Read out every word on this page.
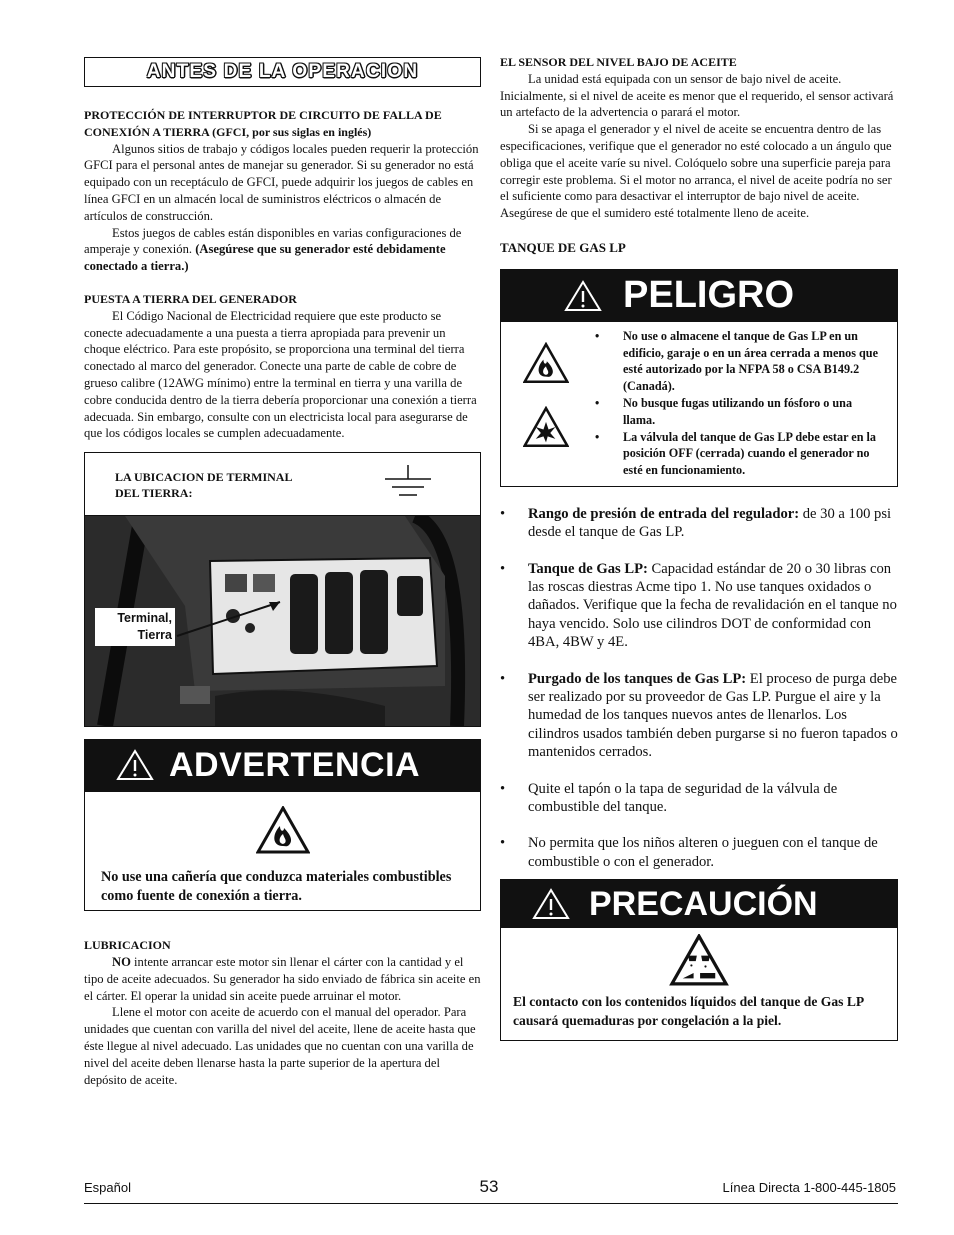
ANTES DE LA OPERACION

PROTECCIÓN DE INTERRUPTOR DE CIRCUITO DE FALLA DE CONEXIÓN A TIERRA (GFCI, por sus siglas en inglés)

Algunos sitios de trabajo y códigos locales pueden requerir la protección GFCI para el personal antes de manejar su generador. Si su generador no está equipado con un receptáculo de GFCI, puede adquirir los juegos de cables en línea GFCI en un almacén local de suministros eléctricos o almacén de artículos de construcción.

Estos juegos de cables están disponibles en varias configuraciones de amperaje y conexión. (Asegúrese que su generador esté debidamente conectado a tierra.)

PUESTA A TIERRA DEL GENERADOR

El Código Nacional de Electricidad requiere que este producto se conecte adecuadamente a una puesta a tierra apropiada para prevenir un choque eléctrico. Para este propósito, se proporciona una terminal del tierra conectado al marco del generador. Conecte una parte de cable de cobre de grueso calibre (12AWG mínimo) entre la terminal en tierra y una varilla de cobre conducida dentro de la tierra debería proporcionar una conexión a tierra adecuada. Sin embargo, consulte con un electricista local para asegurarse de que los códigos locales se cumplen adecuadamente.

LA UBICACION DE TERMINAL
DEL TIERRA:
Terminal,
Tierra
ADVERTENCIA

No use una cañería que conduzca materiales combustibles como fuente de conexión a tierra.

LUBRICACION

NO intente arrancar este motor sin llenar el cárter con la cantidad y el tipo de aceite adecuados. Su generador ha sido enviado de fábrica sin aceite en el cárter. El operar la unidad sin aceite puede arruinar el motor.

Llene el motor con aceite de acuerdo con el manual del operador. Para unidades que cuentan con varilla del nivel del aceite, llene de aceite hasta que éste llegue al nivel adecuado. Las unidades que no cuentan con una varilla de nivel del aceite deben llenarse hasta la parte superior de la apertura del depósito de aceite.

EL SENSOR DEL NIVEL BAJO DE ACEITE

La unidad está equipada con un sensor de bajo nivel de aceite. Inicialmente, si el nivel de aceite es menor que el requerido, el sensor activará un artefacto de la advertencia o parará el motor.

Si se apaga el generador y el nivel de aceite se encuentra dentro de las especificaciones, verifique que el generador no esté colocado a un ángulo que obliga que el aceite varíe su nivel. Colóquelo sobre una superficie pareja para corregir este problema. Si el motor no arranca, el nivel de aceite podría no ser el suficiente como para desactivar el interruptor de bajo nivel de aceite. Asegúrese de que el sumidero esté totalmente lleno de aceite.

TANQUE DE GAS LP

PELIGRO
• No use o almacene el tanque de Gas LP en un edificio, garaje o en un área cerrada a menos que esté autorizado por la NFPA 58 o CSA B149.2 (Canadá).
• No busque fugas utilizando un fósforo o una llama.
• La válvula del tanque de Gas LP debe estar en la posición OFF (cerrada) cuando el generador no esté en funcionamiento.
• Rango de presión de entrada del regulador: de 30 a 100 psi desde el tanque de Gas LP.
• Tanque de Gas LP: Capacidad estándar de 20 o 30 libras con las roscas diestras Acme tipo 1. No use tanques oxidados o dañados. Verifique que la fecha de revalidación en el tanque no haya vencido. Solo use cilindros DOT de conformidad con 4BA, 4BW y 4E.
• Purgado de los tanques de Gas LP: El proceso de purga debe ser realizado por su proveedor de Gas LP. Purgue el aire y la humedad de los tanques nuevos antes de llenarlos. Los cilindros usados también deben purgarse si no fueron tapados o mantenidos cerrados.
• Quite el tapón o la tapa de seguridad de la válvula de combustible del tanque.
• No permita que los niños alteren o jueguen con el tanque de combustible o con el generador.
PRECAUCIÓN

El contacto con los contenidos líquidos del tanque de Gas LP causará quemaduras por congelación a la piel.

Español	53	Línea Directa 1-800-445-1805
